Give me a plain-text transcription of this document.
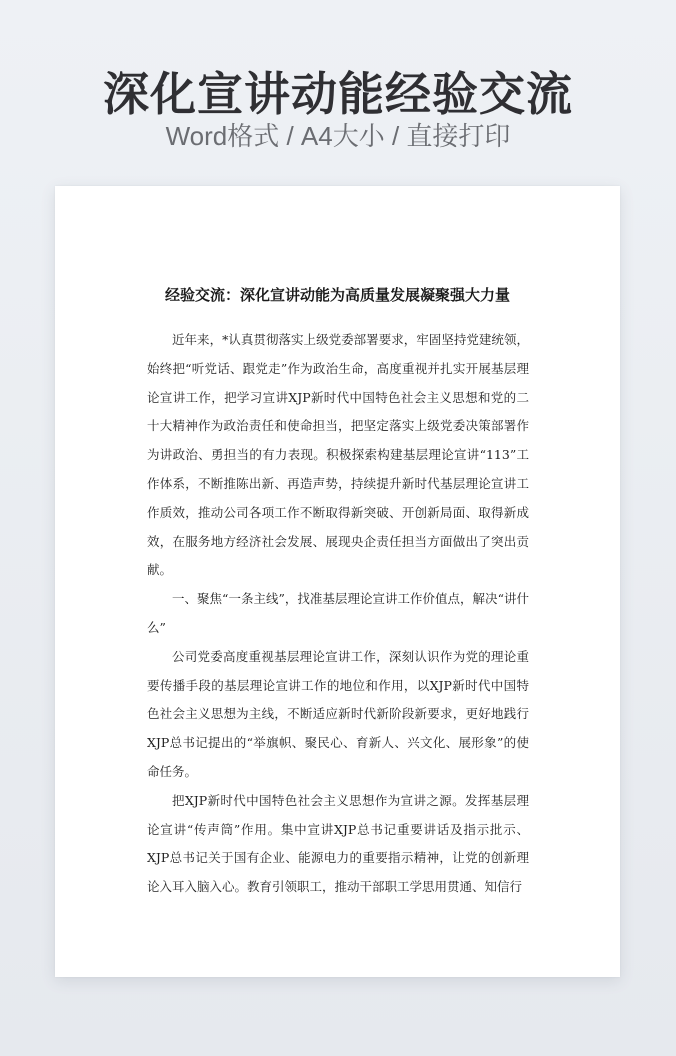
深化宣讲动能经验交流
Word格式 / A4大小 / 直接打印
经验交流：深化宣讲动能为高质量发展凝聚强大力量

近年来，*认真贯彻落实上级党委部署要求，牢固坚持党建统领，始终把“听党话、跟党走”作为政治生命，高度重视并扎实开展基层理论宣讲工作，把学习宣讲XJP新时代中国特色社会主义思想和党的二十大精神作为政治责任和使命担当，把坚定落实上级党委决策部署作为讲政治、勇担当的有力表现。积极探索构建基层理论宣讲“113”工作体系，不断推陈出新、再造声势，持续提升新时代基层理论宣讲工作质效，推动公司各项工作不断取得新突破、开创新局面、取得新成效，在服务地方经济社会发展、展现央企责任担当方面做出了突出贡献。

一、聚焦“一条主线”，找准基层理论宣讲工作价值点，解决“讲什么”

公司党委高度重视基层理论宣讲工作，深刻认识作为党的理论重要传播手段的基层理论宣讲工作的地位和作用，以XJP新时代中国特色社会主义思想为主线，不断适应新时代新阶段新要求，更好地践行XJP总书记提出的“举旗帜、聚民心、育新人、兴文化、展形象”的使命任务。

把XJP新时代中国特色社会主义思想作为宣讲之源。发挥基层理论宣讲“传声筒”作用。集中宣讲XJP总书记重要讲话及指示批示、XJP总书记关于国有企业、能源电力的重要指示精神，让党的创新理论入耳入脑入心。教育引领职工，推动干部职工学思用贯通、知信行
